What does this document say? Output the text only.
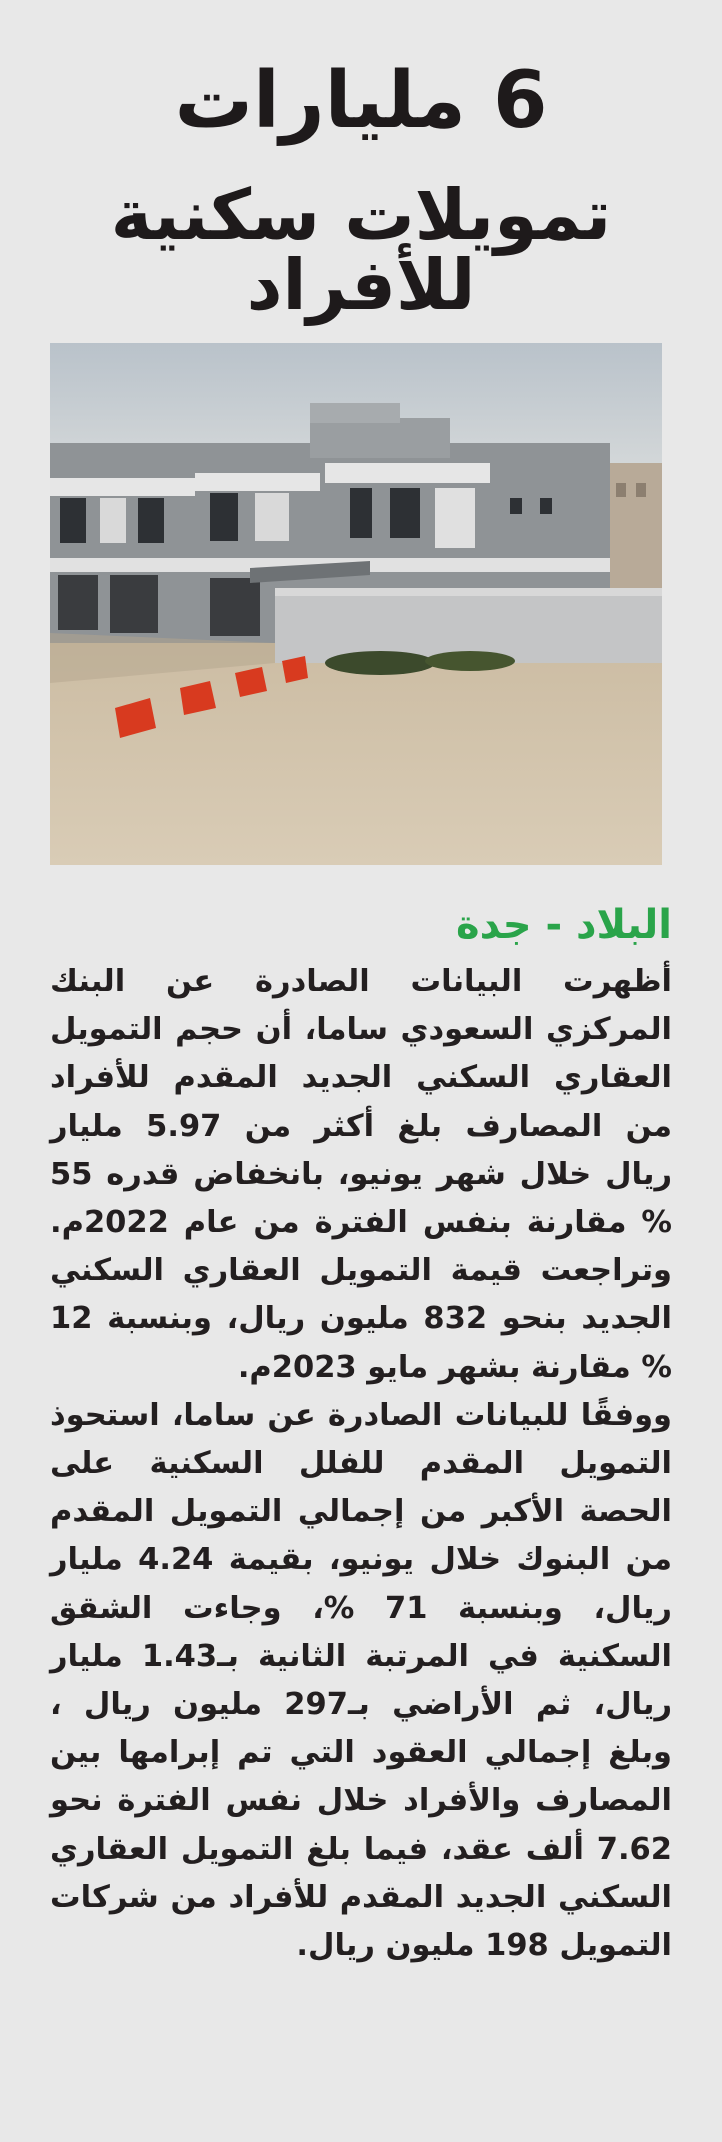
6 مليارات
تمويلات سكنية للأفراد
البلاد - جدة

أظهرت البيانات الصادرة عن البنك المركزي السعودي ساما، أن حجم التمويل العقاري السكني الجديد المقدم للأفراد من المصارف بلغ أكثر من 5.97 مليار ريال خلال شهر يونيو، بانخفاض قدره 55 % مقارنة بنفس الفترة من عام 2022م. وتراجعت قيمة التمويل العقاري السكني الجديد بنحو 832 مليون ريال، وبنسبة 12 % مقارنة بشهر مايو 2023م.

ووفقًا للبيانات الصادرة عن ساما، استحوذ التمويل المقدم للفلل السكنية على الحصة الأكبر من إجمالي التمويل المقدم من البنوك خلال يونيو، بقيمة 4.24 مليار ريال، وبنسبة 71 %، وجاءت الشقق السكنية في المرتبة الثانية بـ1.43 مليار ريال، ثم الأراضي بـ297 مليون ريال ، وبلغ إجمالي العقود التي تم إبرامها بين المصارف والأفراد خلال نفس الفترة نحو 7.62 ألف عقد، فيما بلغ التمويل العقاري السكني الجديد المقدم للأفراد من شركات التمويل 198 مليون ريال.
